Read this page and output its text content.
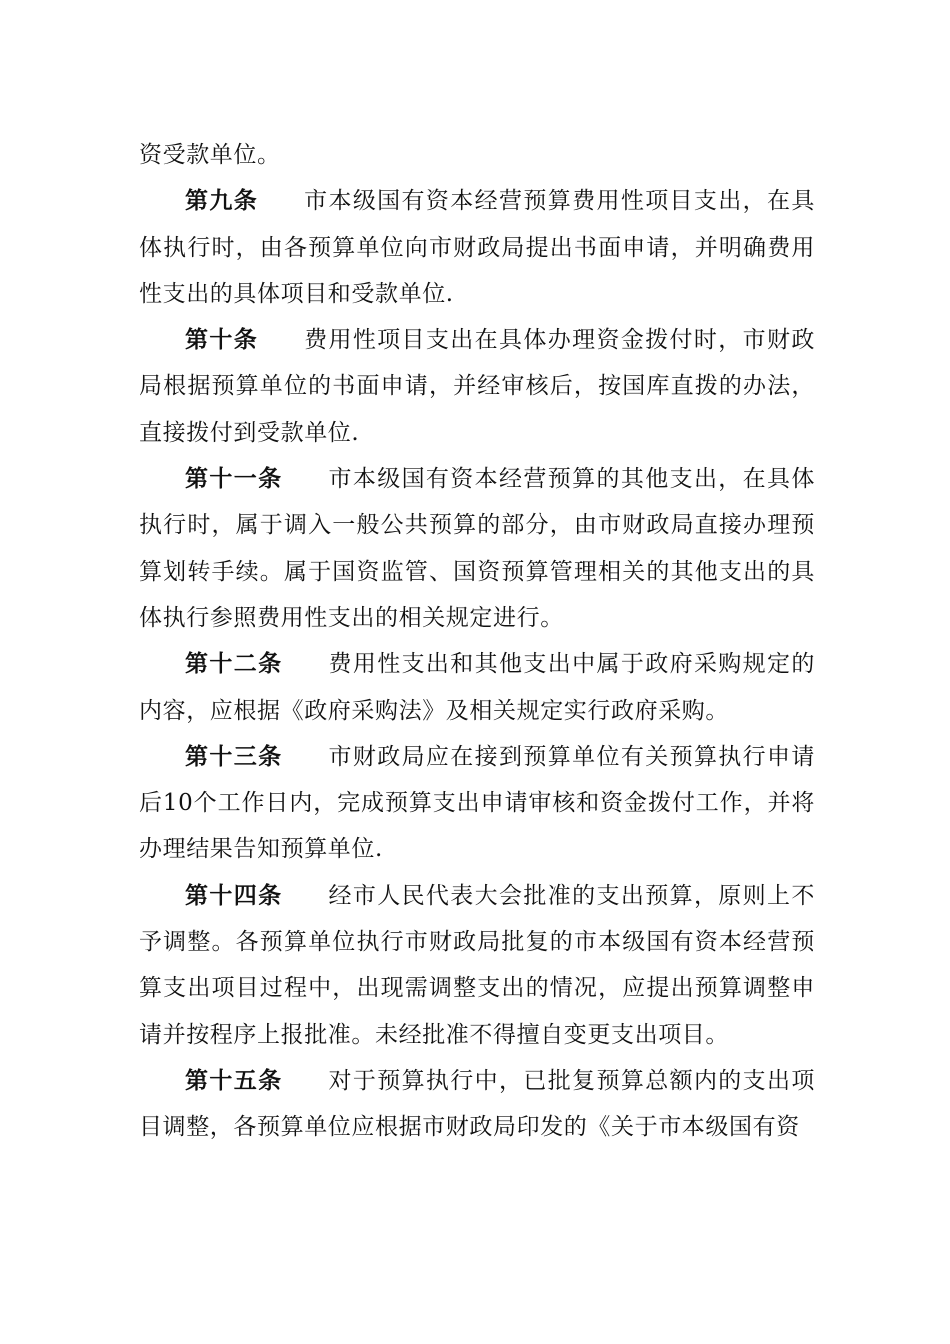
资受款单位。

第九条 市本级国有资本经营预算费用性项目支出，在具体执行时，由各预算单位向市财政局提出书面申请，并明确费用性支出的具体项目和受款单位.

第十条 费用性项目支出在具体办理资金拨付时，市财政局根据预算单位的书面申请，并经审核后，按国库直拨的办法，直接拨付到受款单位.

第十一条 市本级国有资本经营预算的其他支出，在具体执行时，属于调入一般公共预算的部分，由市财政局直接办理预算划转手续。属于国资监管、国资预算管理相关的其他支出的具体执行参照费用性支出的相关规定进行。

第十二条 费用性支出和其他支出中属于政府采购规定的内容，应根据《政府采购法》及相关规定实行政府采购。

第十三条 市财政局应在接到预算单位有关预算执行申请后10个工作日内，完成预算支出申请审核和资金拨付工作，并将办理结果告知预算单位.

第十四条 经市人民代表大会批准的支出预算，原则上不予调整。各预算单位执行市财政局批复的市本级国有资本经营预算支出项目过程中，出现需调整支出的情况，应提出预算调整申请并按程序上报批准。未经批准不得擅自变更支出项目。

第十五条 对于预算执行中，已批复预算总额内的支出项目调整，各预算单位应根据市财政局印发的《关于市本级国有资
